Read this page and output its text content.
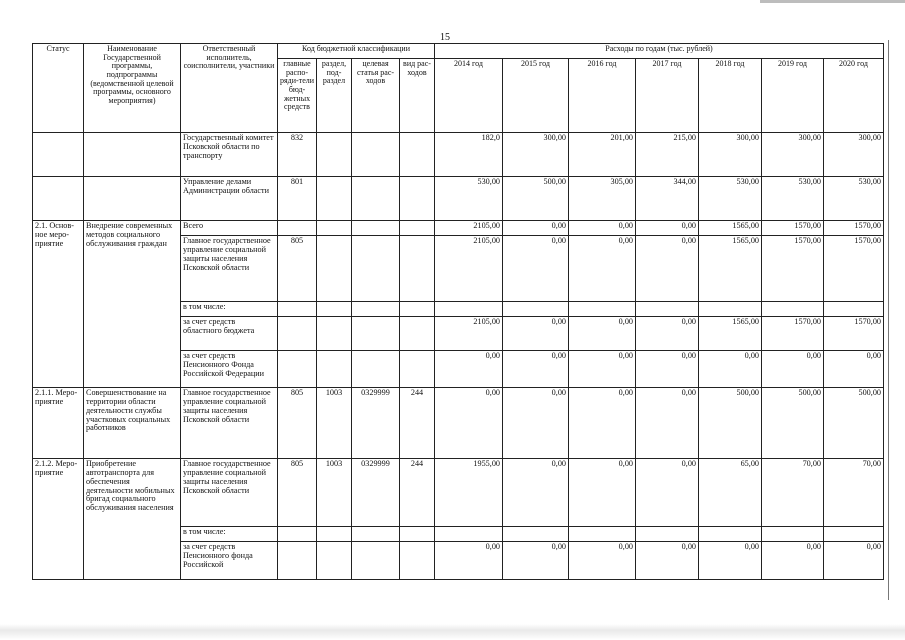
15
Статус	Наименование Государственной программы, подпрограммы (ведомственной целевой программы, основного мероприятия)	Ответственный исполнитель, соисполнители, участники	Код бюджетной классификации				Расходы по годам (тыс. рублей)						
			главные распо-ряди-тели бюд-жетных средств	раздел, под-раздел	целевая статья рас-ходов	вид рас-ходов	2014 год	2015 год	2016 год	2017 год	2018 год	2019 год	2020 год
		Государственный комитет Псковской области по транспорту	832				182,0	300,00	201,00	215,00	300,00	300,00	300,00
		Управление делами Администрации области	801				530,00	500,00	305,00	344,00	530,00	530,00	530,00
2.1. Основ-ное меро-приятие	Внедрение современных методов социального обслуживания граждан	Всего					2105,00	0,00	0,00	0,00	1565,00	1570,00	1570,00
		Главное государственное управление социальной защиты населения Псковской области	805				2105,00	0,00	0,00	0,00	1565,00	1570,00	1570,00
		в том числе:											
		за счет средств областного бюджета					2105,00	0,00	0,00	0,00	1565,00	1570,00	1570,00
		за счет средств Пенсионного Фонда Российской Федерации					0,00	0,00	0,00	0,00	0,00	0,00	0,00
2.1.1. Меро-приятие	Совершенствование на территории области деятельности службы участковых социальных работников	Главное государственное управление социальной защиты населения Псковской области	805	1003	0329999	244	0,00	0,00	0,00	0,00	500,00	500,00	500,00
2.1.2. Меро-приятие	Приобретение автотранспорта для обеспечения деятельности мобильных бригад социального обслуживания населения	Главное государственное управление социальной защиты населения Псковской области	805	1003	0329999	244	1955,00	0,00	0,00	0,00	65,00	70,00	70,00
		в том числе:											
		за счет средств Пенсионного фонда Российской					0,00	0,00	0,00	0,00	0,00	0,00	0,00
